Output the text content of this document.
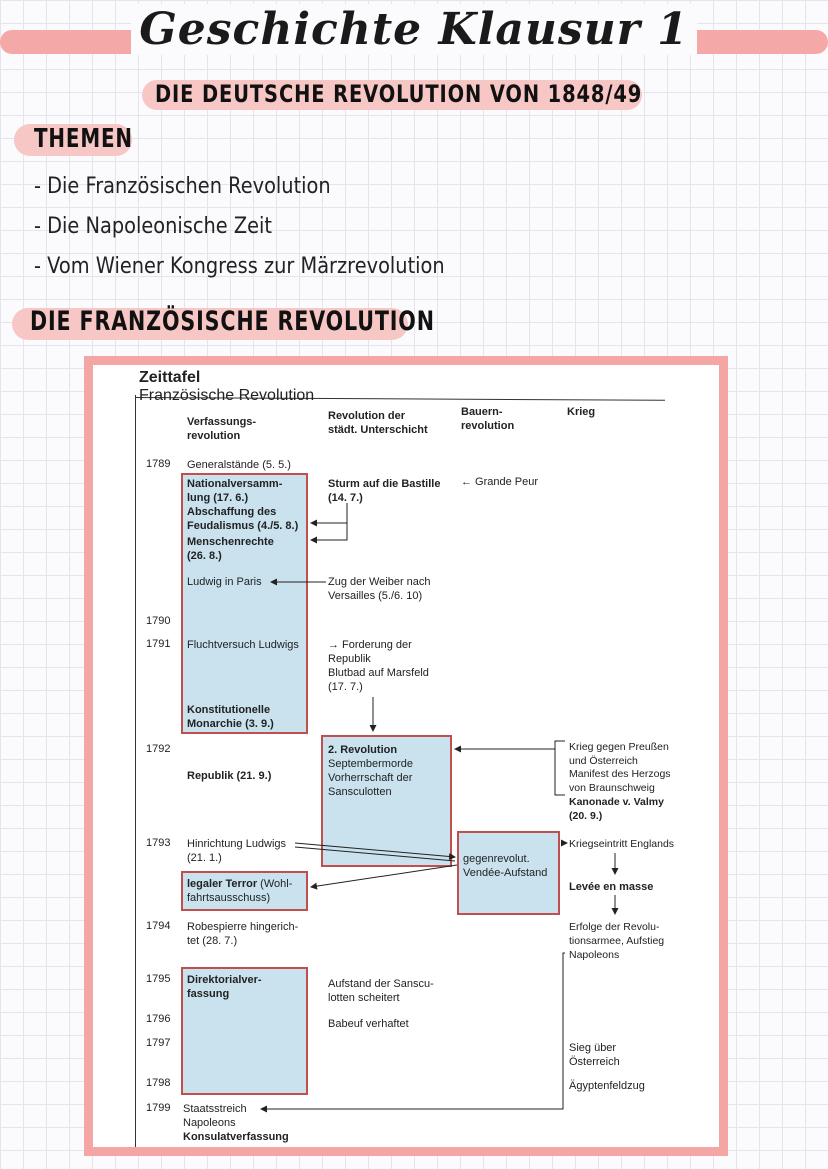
Geschichte Klausur 1
DIE DEUTSCHE REVOLUTION VON 1848/49
THEMEN
- Die Französischen Revolution
- Die Napoleonische Zeit
- Vom Wiener Kongress zur Märzrevolution
DIE FRANZÖSISCHE REVOLUTION
Zeittafel
Französische Revolution
Verfassungs-
revolution
Revolution der
städt. Unterschicht
Bauern-
revolution
Krieg
1789
1790
1791
1792
1793
1794
1795
1796
1797
1798
1799
Generalstände (5. 5.)
Nationalversamm-
lung (17. 6.)
Abschaffung des
Feudalismus (4./5. 8.)
Menschenrechte
(26. 8.)
Ludwig in Paris
Fluchtversuch Ludwigs
Konstitutionelle
Monarchie (3. 9.)
Republik (21. 9.)
Hinrichtung Ludwigs
(21. 1.)
legaler Terror (Wohl-
fahrtsausschuss)
Robespierre hingerich-
tet (28. 7.)
Direktorialver-
fassung
Staatsstreich
Napoleons
Konsulatverfassung
Sturm auf die Bastille
(14. 7.)
Zug der Weiber nach
Versailles (5./6. 10)
→ Forderung der
Republik
Blutbad auf Marsfeld
(17. 7.)
2. Revolution
Septembermorde
Vorherrschaft der
Sansculotten
Aufstand der Sanscu-
lotten scheitert
Babeuf verhaftet
← Grande Peur
gegenrevolut.
Vendée-Aufstand
Krieg gegen Preußen
und Österreich
Manifest des Herzogs
von Braunschweig
Kanonade v. Valmy
(20. 9.)
Kriegseintritt Englands
Levée en masse
Erfolge der Revolu-
tionsarmee, Aufstieg
Napoleons
Sieg über
Österreich
Ägyptenfeldzug
